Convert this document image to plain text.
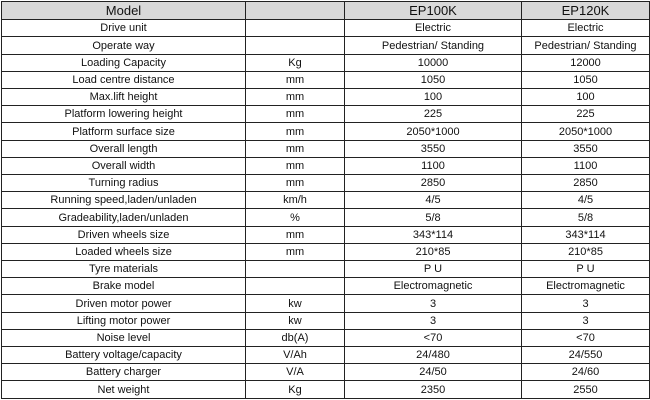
Model		EP100K	EP120K
Drive unit		Electric	Electric
Operate way		Pedestrian/ Standing	Pedestrian/ Standing
Loading Capacity	Kg	10000	12000
Load centre distance	mm	1050	1050
Max.lift height	mm	100	100
Platform lowering height	mm	225	225
Platform surface size	mm	2050*1000	2050*1000
Overall length	mm	3550	3550
Overall width	mm	1100	1100
Turning radius	mm	2850	2850
Running speed,laden/unladen	km/h	4/5	4/5
Gradeability,laden/unladen	%	5/8	5/8
Driven wheels size	mm	343*114	343*114
Loaded wheels size	mm	210*85	210*85
Tyre materials		P U	P U
Brake model		Electromagnetic	Electromagnetic
Driven motor power	kw	3	3
Lifting motor power	kw	3	3
Noise level	db(A)	<70	<70
Battery voltage/capacity	V/Ah	24/480	24/550
Battery charger	V/A	24/50	24/60
Net weight	Kg	2350	2550
